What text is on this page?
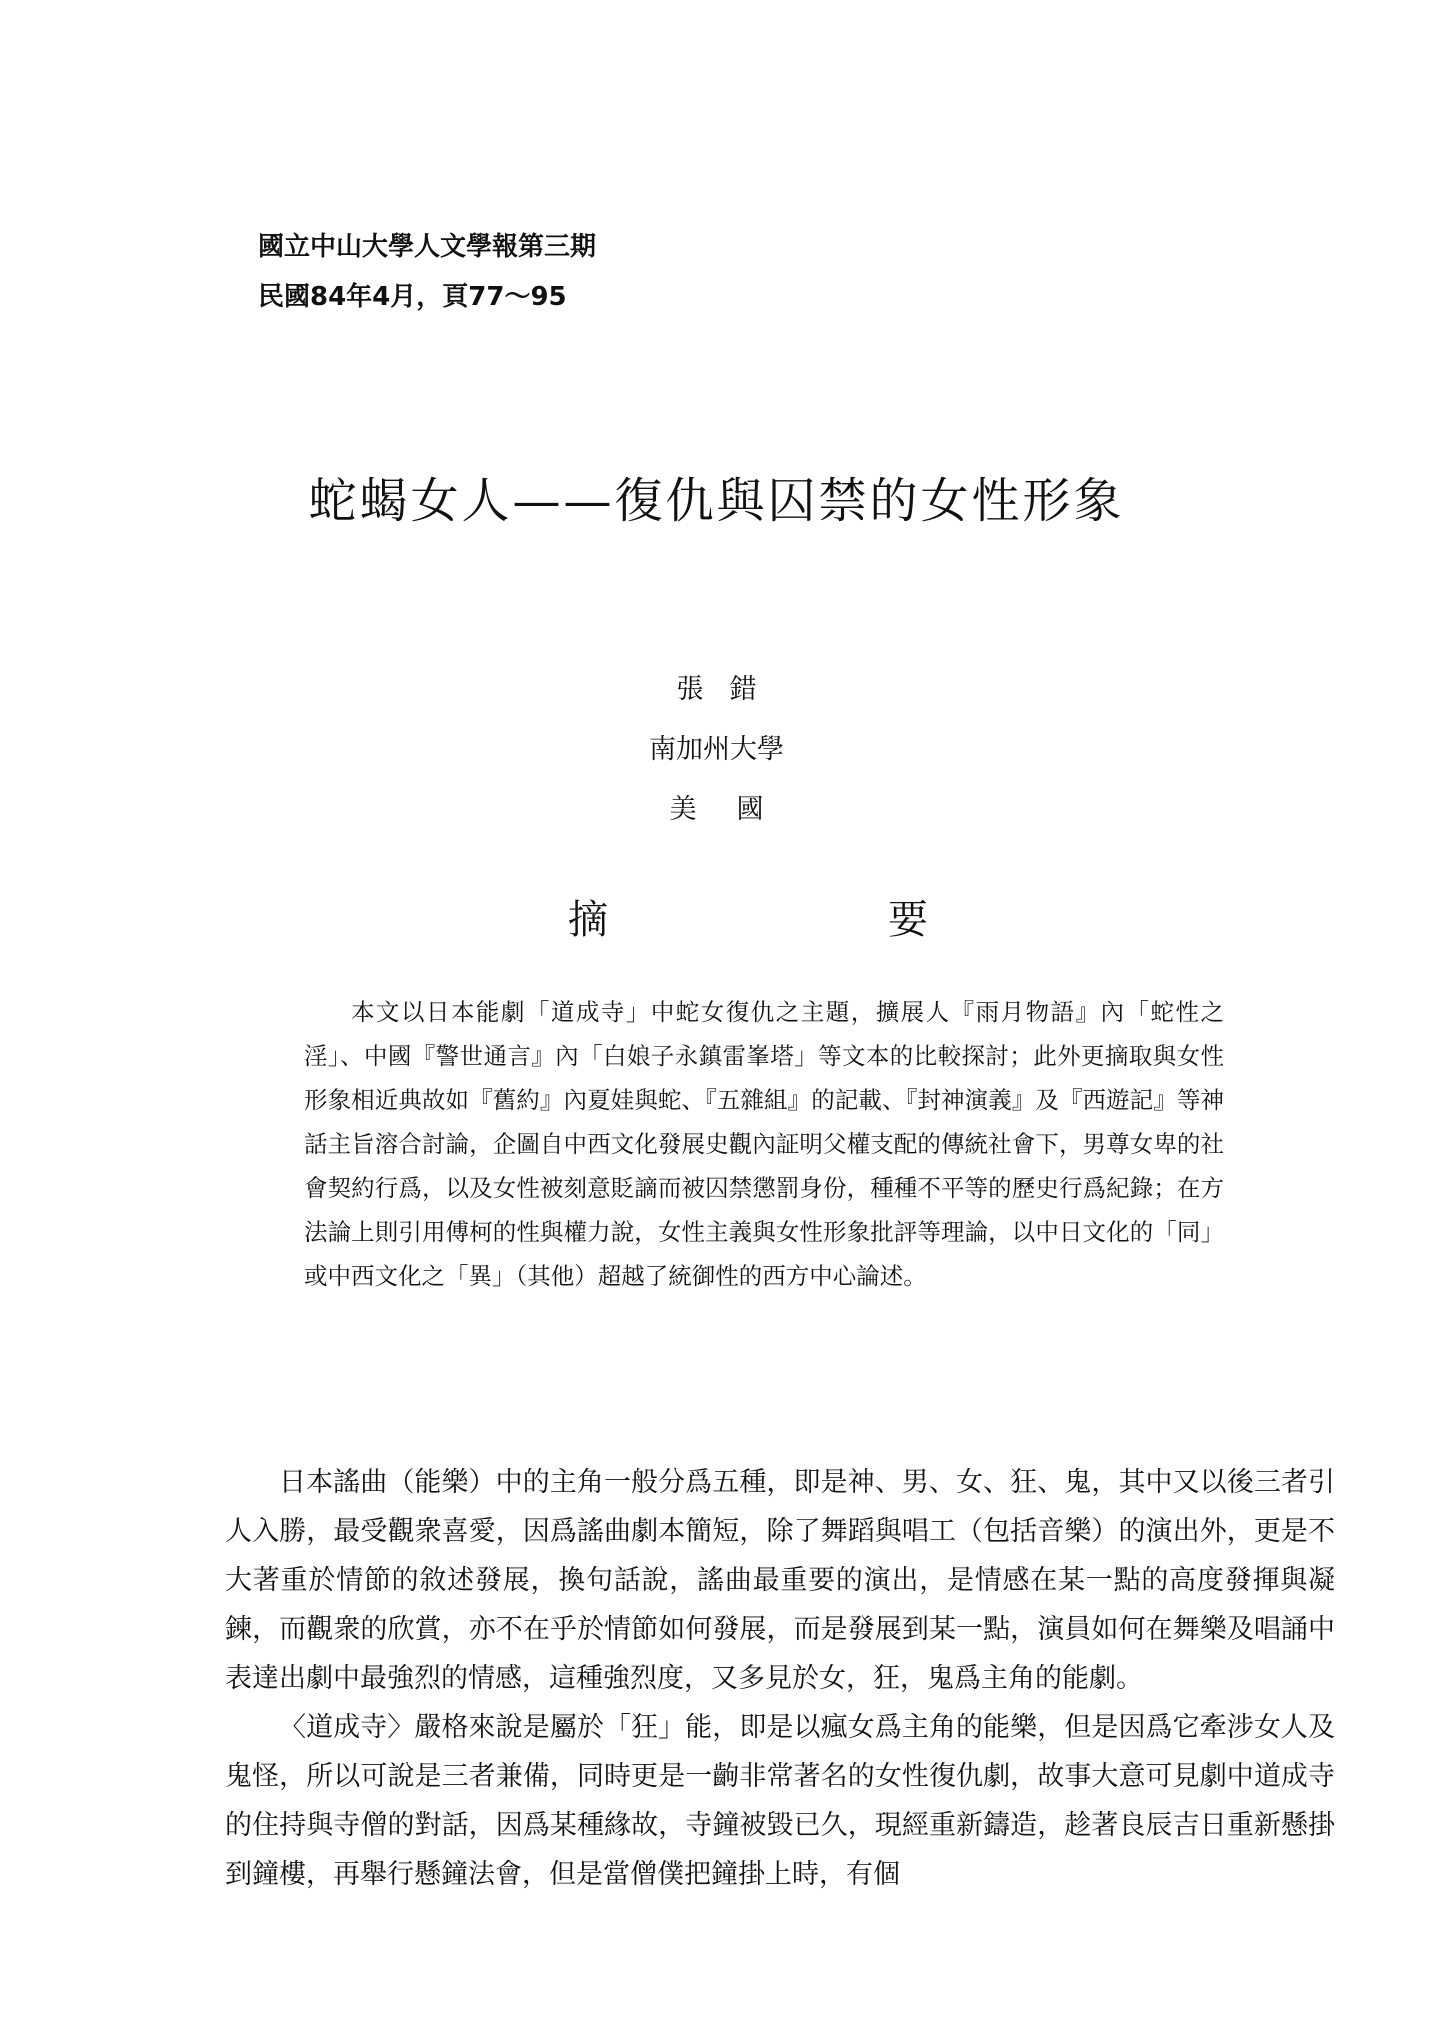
國立中山大學人文學報第三期
民國84年4月，頁77～95
蛇蝎女人——復仇與囚禁的女性形象
張錯
南加州大學
美國
摘	要
本文以日本能劇「道成寺」中蛇女復仇之主題，擴展人『雨月物語』內「蛇性之淫」、中國『警世通言』內「白娘子永鎮雷峯塔」等文本的比較探討；此外更摘取與女性形象相近典故如『舊約』內夏娃與蛇、『五雜組』的記載、『封神演義』及『西遊記』等神話主旨溶合討論，企圖自中西文化發展史觀內証明父權支配的傳統社會下，男尊女卑的社會契約行爲，以及女性被刻意貶謫而被囚禁懲罰身份，種種不平等的歷史行爲紀錄；在方法論上則引用傅柯的性與權力說，女性主義與女性形象批評等理論，以中日文化的「同」或中西文化之「異」（其他）超越了統御性的西方中心論述。

日本謠曲（能樂）中的主角一般分爲五種，即是神、男、女、狂、鬼，其中又以後三者引人入勝，最受觀衆喜愛，因爲謠曲劇本簡短，除了舞蹈與唱工（包括音樂）的演出外，更是不大著重於情節的敘述發展，換句話說，謠曲最重要的演出，是情感在某一點的高度發揮與凝鍊，而觀衆的欣賞，亦不在乎於情節如何發展，而是發展到某一點，演員如何在舞樂及唱誦中表達出劇中最強烈的情感，這種強烈度，又多見於女，狂，鬼爲主角的能劇。

〈道成寺〉嚴格來說是屬於「狂」能，即是以瘋女爲主角的能樂，但是因爲它牽涉女人及鬼怪，所以可說是三者兼備，同時更是一齣非常著名的女性復仇劇，故事大意可見劇中道成寺的住持與寺僧的對話，因爲某種緣故，寺鐘被毀已久，現經重新鑄造，趁著良辰吉日重新懸掛到鐘樓，再舉行懸鐘法會，但是當僧僕把鐘掛上時，有個
